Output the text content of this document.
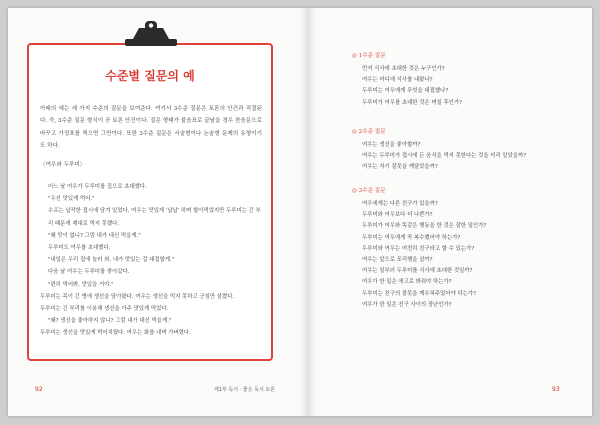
수준별 질문의 예

아래의 예는 세 가지 수준의 질문을 보여준다. 여기서 3수준 질문은 토론의 안건과 직결된다. 즉, 3수준 질문 형식이 곧 토론 안건이다. 질문 형태가 불음표로 끝날을 경우 찬음문으로 바꾸고 가정표를 찍으면 그만이다. 또한 3수준 질문은 서술형이나 논술형 문제의 유형이기도 하다.

〈여우와 두루미〉

어느 날 여우가 두루미를 집으로 초대했다.
"우선 맛있게 먹어."
수프는 납작한 접시에 담겨 있었다. 여우는 맛있게 '납납' 하며 할아먹었지만 두루미는 긴 부리 때문에 제대로 먹지 못했다.
"왜 맛이 없니? 그럼 내가 대신 먹을게."
두루미도 여우를 초대했다.
"내일은 우리 집에 놀러 와. 내가 맛있는 걸 대접할게."
다음 날 여우는 두루미를 찾아갔다.
"편히 먹어봐, 맛있을 거야."
두루미는 목이 긴 병에 생선을 담아왔다. 여우는 생선을 먹지 못하고 군침만 삼켰다.
두루미는 긴 부리를 이용해 생선을 아주 맛있게 먹었다.
"왜? 생선을 좋아하지 않니? 그럼 내가 대신 먹을게."
두루미는 생선을 맛있게 먹어치웠다. 여우는 화를 내며 가버렸다.

◎ 1수준 질문

먼저 식사에 초대한 것은 누구인가?
여우는 어디에 식사를 내왔나?
두루미는 여우에게 무엇을 대접했나?
두루미가 여우를 초대한 것은 며칠 후인가?

◎ 2수준 질문

여우는 생선을 좋아할까?
여우는 두루미가 접시에 든 음식을 먹지 못한다는 것을 미리 알았을까?
여우는 자기 잘못을 깨달았을까?

◎ 3수준 질문

여우에게는 다른 친구가 있을까?
두루미와 여우보다 더 나쁜가?
두루미가 여우와 똑같은 행동을 한 것은 잘한 일인가?
두루미는 여우에게 꼭 복수했어야 하는가?
두루미와 여우는 여전히 친구라고 할 수 있는가?
여우는 앞으로 포리행을 살까?
여우는 일부러 두루미를 식사에 초대한 것일까?
여우가 한 일은 에고로 봐줘야 하는가?
두루미는 친구의 잘못을 깨우쳐주었어야 하는가?
여우가 한 일은 친구 사이의 장난인가?
92	제1부 독서 · 좋은 독서 토론	93
